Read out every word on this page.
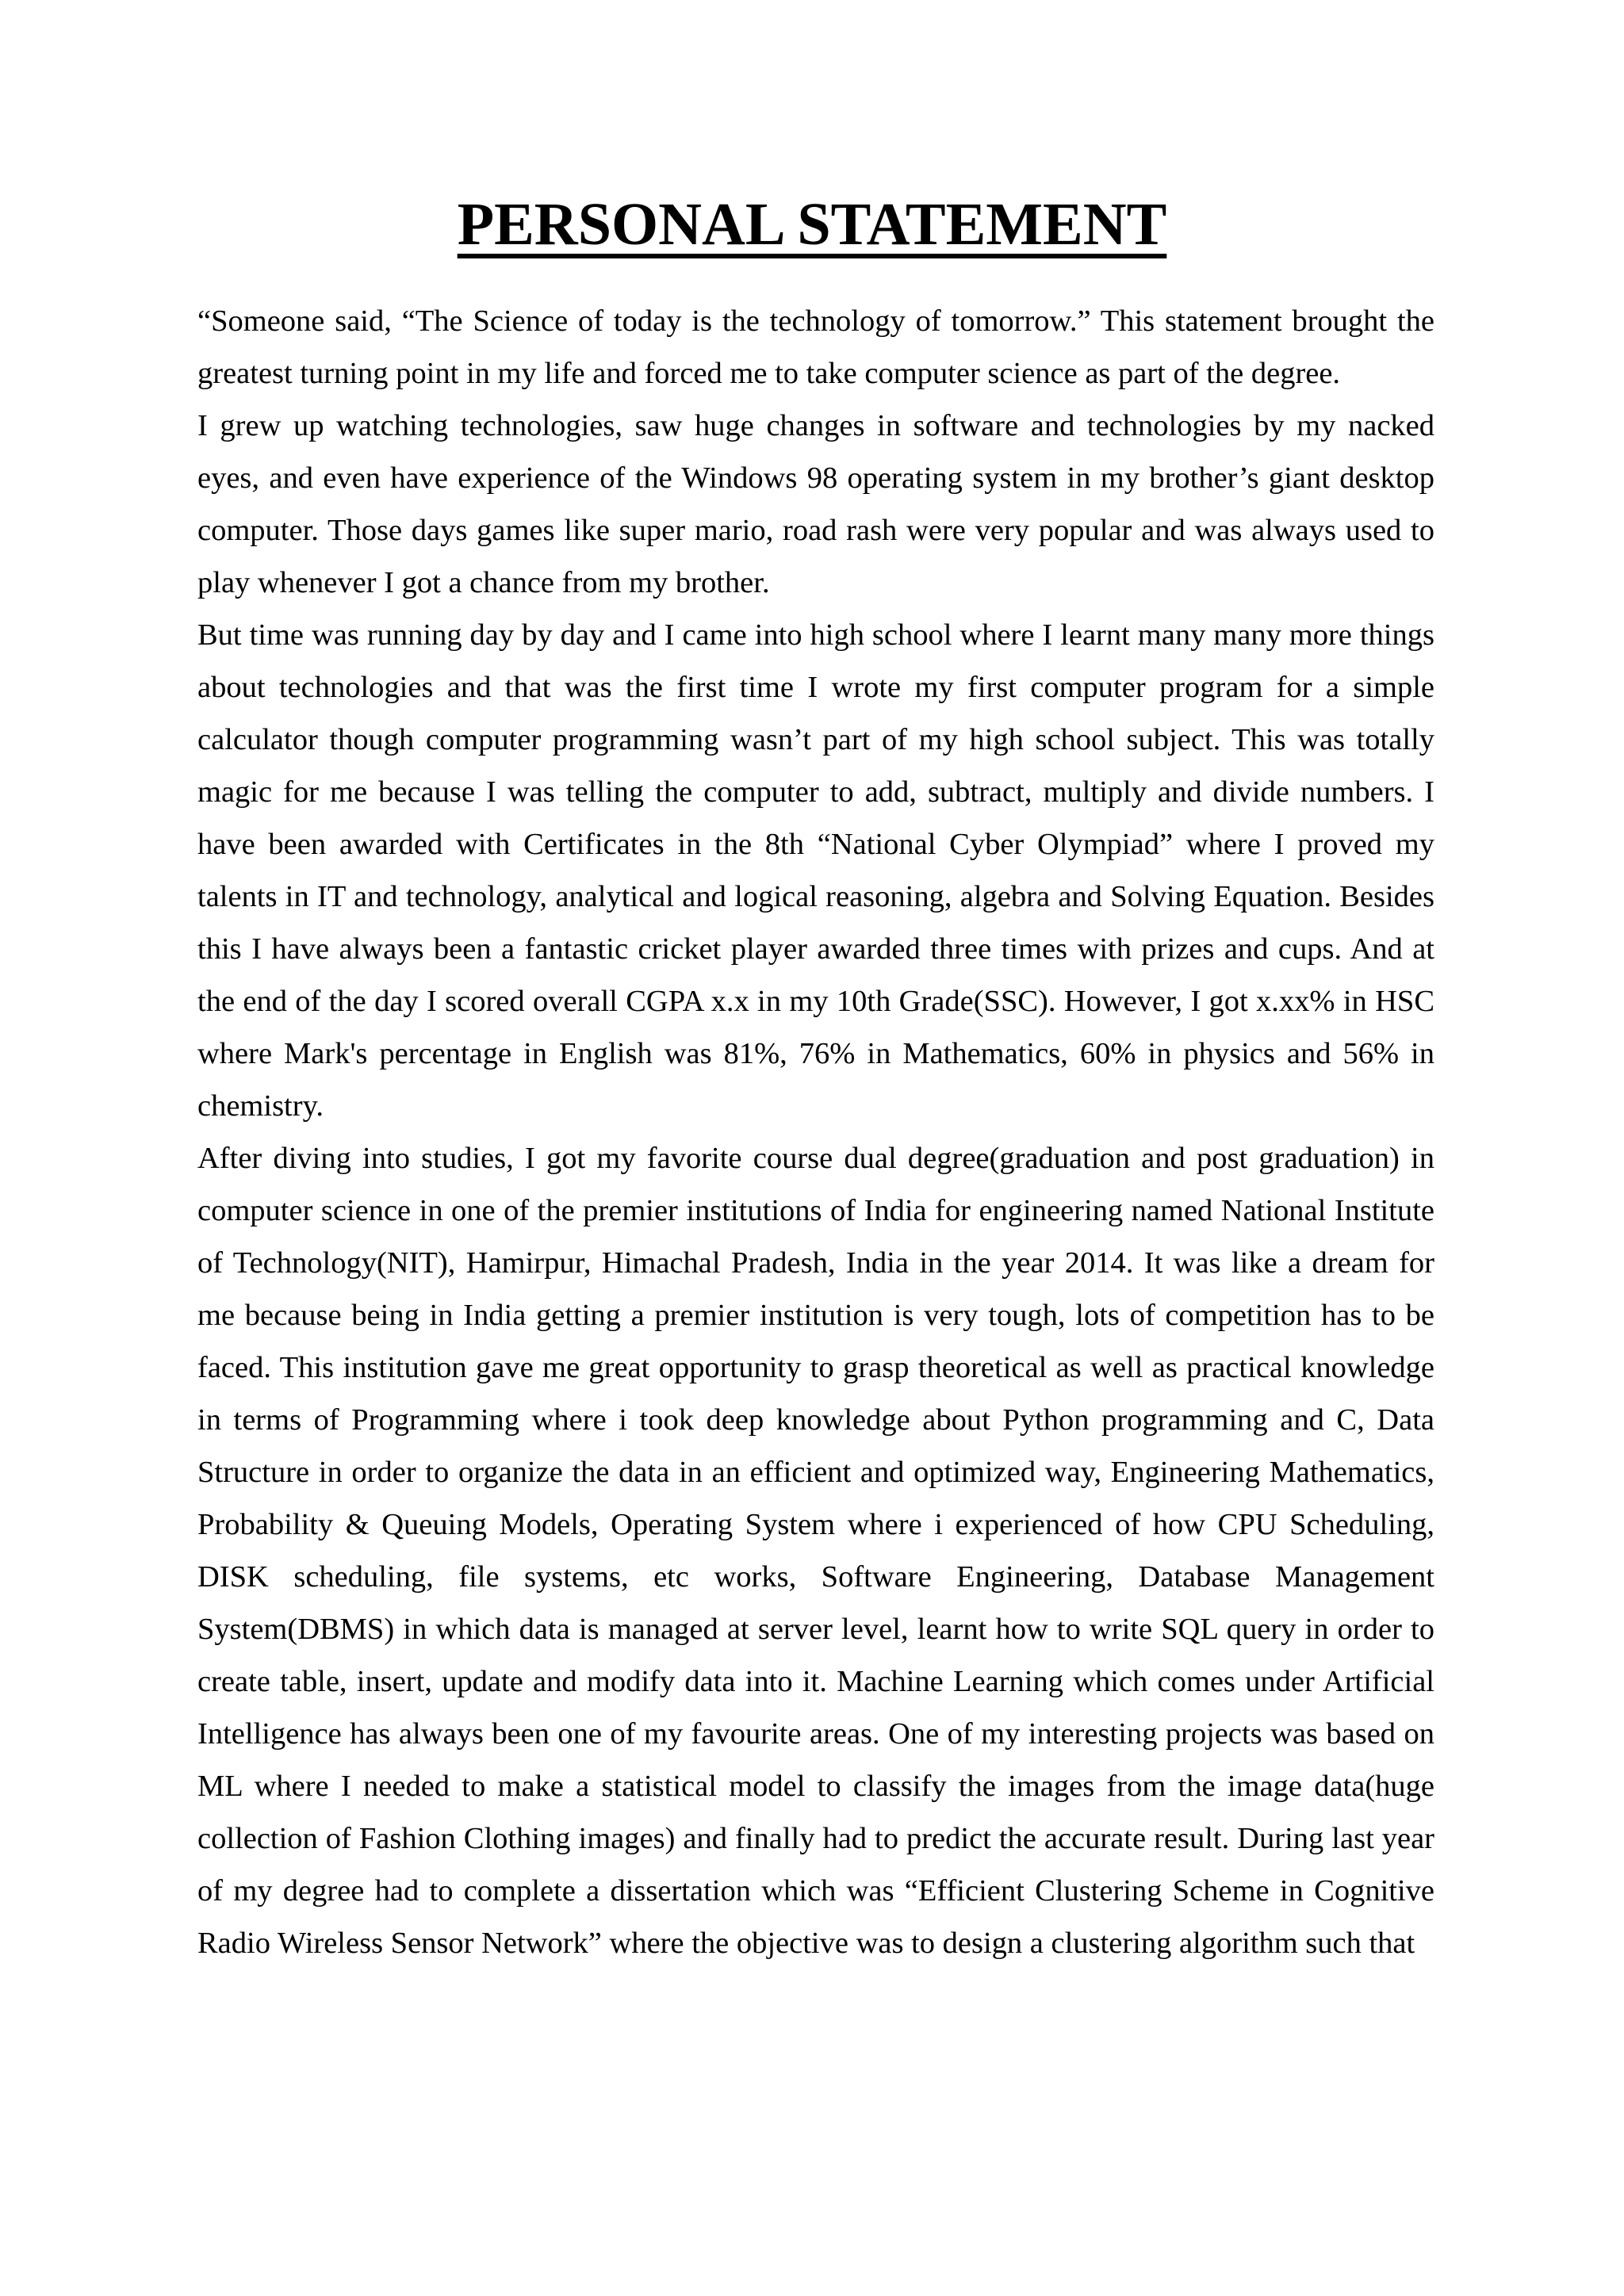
PERSONAL STATEMENT

“Someone said, “The Science of today is the technology of tomorrow.” This statement brought the greatest turning point in my life and forced me to take computer science as part of the degree.

I grew up watching technologies, saw huge changes in software and technologies by my nacked eyes, and even have experience of the Windows 98 operating system in my brother’s giant desktop computer. Those days games like super mario, road rash were very popular and was always used to play whenever I got a chance from my brother.

But time was running day by day and I came into high school where I learnt many many more things about technologies and that was the first time I wrote my first computer program for a simple calculator though computer programming wasn’t part of my high school subject. This was totally magic for me because I was telling the computer to add, subtract, multiply and divide numbers. I have been awarded with Certificates in the 8th “National Cyber Olympiad” where I proved my talents in IT and technology, analytical and logical reasoning, algebra and Solving Equation. Besides this I have always been a fantastic cricket player awarded three times with prizes and cups. And at the end of the day I scored overall CGPA x.x in my 10th Grade(SSC). However, I got x.xx% in HSC where Mark's percentage in English was 81%, 76% in Mathematics, 60% in physics and 56% in chemistry.

After diving into studies, I got my favorite course dual degree(graduation and post graduation) in computer science in one of the premier institutions of India for engineering named National Institute of Technology(NIT), Hamirpur, Himachal Pradesh, India in the year 2014. It was like a dream for me because being in India getting a premier institution is very tough, lots of competition has to be faced. This institution gave me great opportunity to grasp theoretical as well as practical knowledge in terms of Programming where i took deep knowledge about Python programming and C, Data Structure in order to organize the data in an efficient and optimized way, Engineering Mathematics, Probability & Queuing Models, Operating System where i experienced of how CPU Scheduling, DISK scheduling, file systems, etc works, Software Engineering, Database Management System(DBMS) in which data is managed at server level, learnt how to write SQL query in order to create table, insert, update and modify data into it. Machine Learning which comes under Artificial Intelligence has always been one of my favourite areas. One of my interesting projects was based on ML where I needed to make a statistical model to classify the images from the image data(huge collection of Fashion Clothing images) and finally had to predict the accurate result. During last year of my degree had to complete a dissertation which was “Efficient Clustering Scheme in Cognitive Radio Wireless Sensor Network” where the objective was to design a clustering algorithm such that
